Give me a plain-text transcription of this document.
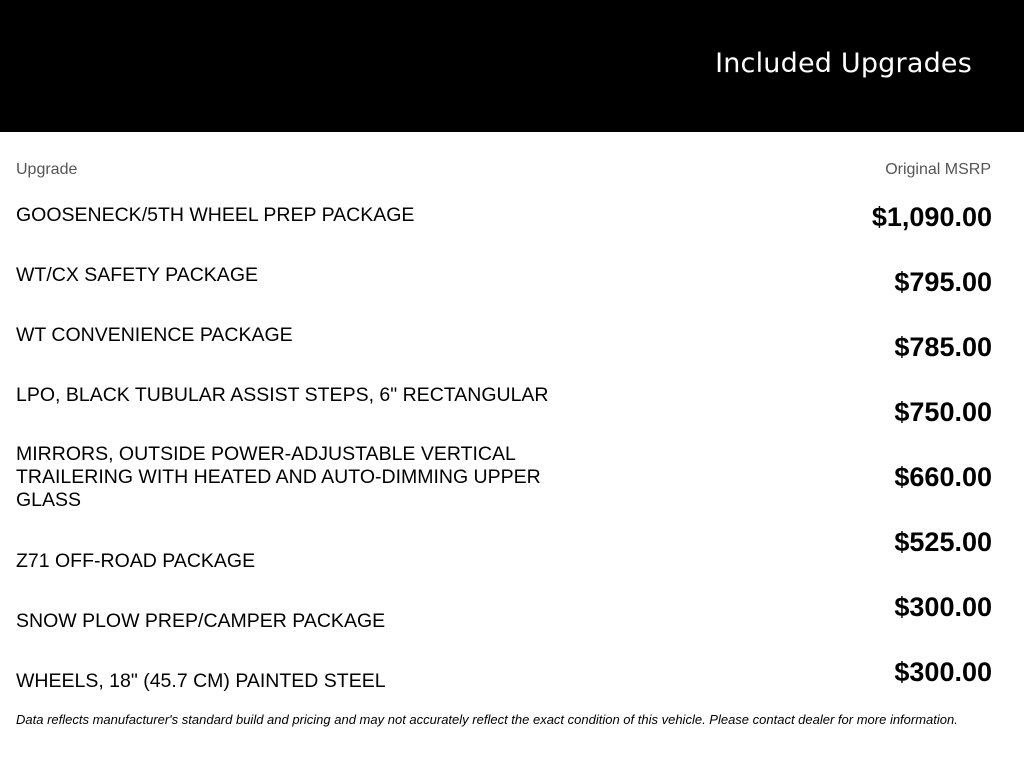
Included Upgrades
Upgrade	Original MSRP
GOOSENECK/5TH WHEEL PREP PACKAGE
WT/CX SAFETY PACKAGE
WT CONVENIENCE PACKAGE
LPO, BLACK TUBULAR ASSIST STEPS, 6" RECTANGULAR
MIRRORS, OUTSIDE POWER-ADJUSTABLE VERTICAL TRAILERING WITH HEATED AND AUTO-DIMMING UPPER GLASS
Z71 OFF-ROAD PACKAGE
SNOW PLOW PREP/CAMPER PACKAGE
WHEELS, 18" (45.7 CM) PAINTED STEEL
$1,090.00
$795.00
$785.00
$750.00
$660.00
$525.00
$300.00
$300.00
Data reflects manufacturer's standard build and pricing and may not accurately reflect the exact condition of this vehicle. Please contact dealer for more information.
